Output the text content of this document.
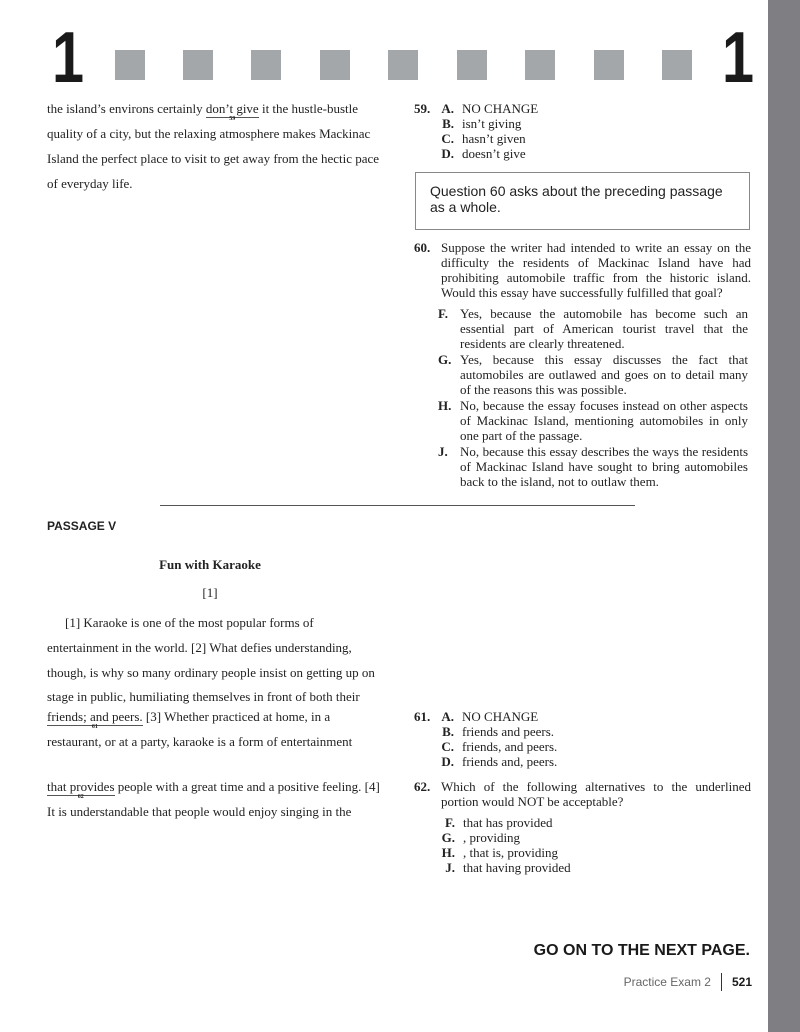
1	1
the island’s environs certainly don’t give
59
it the hustle-bustle
quality of a city, but the relaxing atmosphere makes Mackinac
Island the perfect place to visit to get away from the hectic pace
of everyday life.
59. A. NO CHANGE
B. isn’t giving
C. hasn’t given
D. doesn’t give
Question 60 asks about the preceding passage as a whole.
60. Suppose the writer had intended to write an essay on the difficulty the residents of Mackinac Island have had prohibiting automobile traffic from the historic island. Would this essay have successfully fulfilled that goal?
F. Yes, because the automobile has become such an essential part of American tourist travel that the residents are clearly threatened.
G. Yes, because this essay discusses the fact that automobiles are outlawed and goes on to detail many of the reasons this was possible.
H. No, because the essay focuses instead on other aspects of Mackinac Island, mentioning automobiles in only one part of the passage.
J. No, because this essay describes the ways the residents of Mackinac Island have sought to bring automobiles back to the island, not to outlaw them.
PASSAGE V
Fun with Karaoke
[1]
[1] Karaoke is one of the most popular forms of
entertainment in the world. [2] What defies understanding,
though, is why so many ordinary people insist on getting up on
stage in public, humiliating themselves in front of both their
friends; and peers.
61
[3] Whether practiced at home, in a
restaurant, or at a party, karaoke is a form of entertainment
that provides
62
people with a great time and a positive feeling. [4]
It is understandable that people would enjoy singing in the
61. A. NO CHANGE
B. friends and peers.
C. friends, and peers.
D. friends and, peers.
62. Which of the following alternatives to the underlined portion would NOT be acceptable?
F. that has provided
G. , providing
H. , that is, providing
J. that having provided
GO ON TO THE NEXT PAGE.
Practice Exam 2 521
